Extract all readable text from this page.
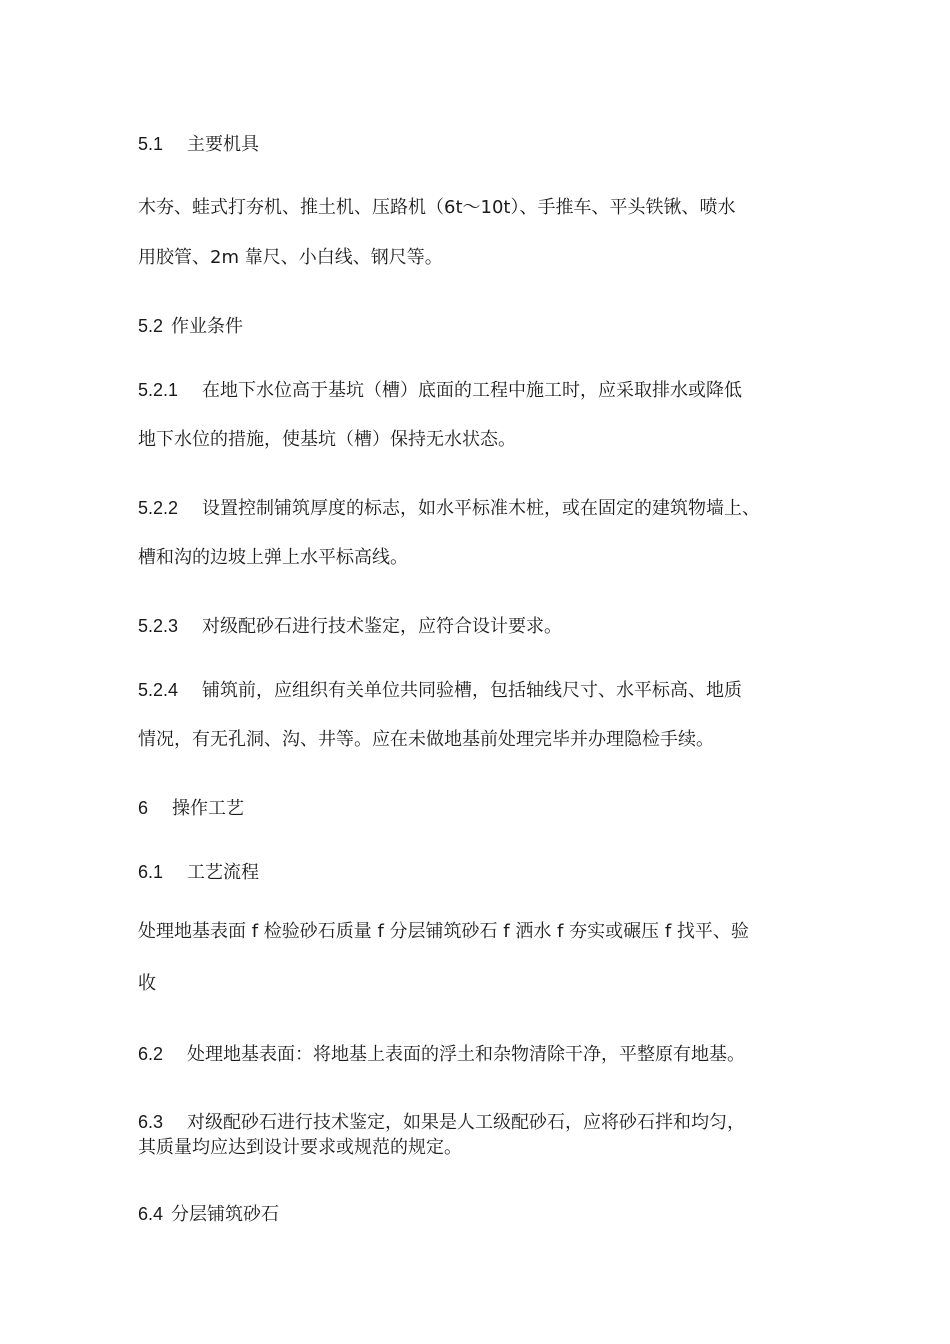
5.1 主要机具
木夯、蛙式打夯机、推土机、压路机（6t～10t）、手推车、平头铁锹、喷水
用胶管、2m 靠尺、小白线、钢尺等。
5.2 作业条件
5.2.1 在地下水位高于基坑（槽）底面的工程中施工时，应采取排水或降低
地下水位的措施，使基坑（槽）保持无水状态。
5.2.2 设置控制铺筑厚度的标志，如水平标准木桩，或在固定的建筑物墙上、
槽和沟的边坡上弹上水平标高线。
5.2.3 对级配砂石进行技术鉴定，应符合设计要求。
5.2.4 铺筑前，应组织有关单位共同验槽，包括轴线尺寸、水平标高、地质
情况，有无孔洞、沟、井等。应在未做地基前处理完毕并办理隐检手续。
6 操作工艺
6.1 工艺流程
处理地基表面 f 检验砂石质量 f 分层铺筑砂石 f 洒水 f 夯实或碾压 f 找平、验
收
6.2 处理地基表面：将地基上表面的浮土和杂物清除干净，平整原有地基。
6.3 对级配砂石进行技术鉴定，如果是人工级配砂石，应将砂石拌和均匀，
其质量均应达到设计要求或规范的规定。
6.4 分层铺筑砂石
